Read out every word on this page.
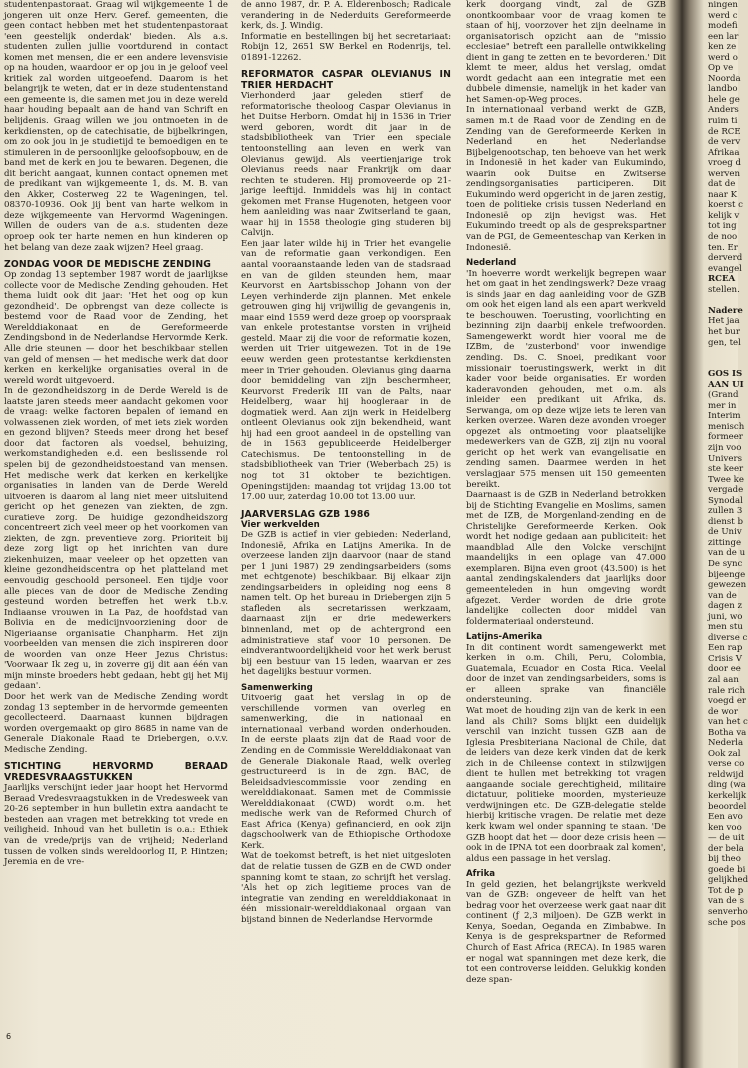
studentenpastoraat. Graag wil wijkgemeente 1 de jongeren uit onze Herv. Geref. gemeenten, die geen contact hebben met het studentenpastoraat 'een geestelijk onderdak' bieden. Als a.s. studenten zullen jullie voortdurend in contact komen met mensen, die er een andere levensvisie op na houden, waardoor er op jou in je geloof veel kritiek zal worden uitgeoefend. Daarom is het belangrijk te weten, dat er in deze studentenstand een gemeente is, die samen met jou in deze wereld haar houding bepaalt aan de hand van Schrift en belijdenis. Graag willen we jou ontmoeten in de kerkdiensten, op de catechisatie, de bijbelkringen, om zo ook jou in je studietijd te bemoedigen en te stimuleren in de persoonlijke geloofsopbouw, en de band met de kerk en jou te bewaren. Degenen, die dit bericht aangaat, kunnen contact opnemen met de predikant van wijkgemeente 1, ds. M. B. van den Akker, Costerweg 22 te Wageningen, tel. 08370-10936. Ook jij bent van harte welkom in deze wijkgemeente van Hervormd Wageningen. Willen de ouders van de a.s. studenten deze oproep ook ter harte nemen en hun kinderen op het belang van deze zaak wijzen? Heel graag.

ZONDAG VOOR DE MEDISCHE ZENDING

Op zondag 13 september 1987 wordt de jaarlijkse collecte voor de Medische Zending gehouden. Het thema luidt ook dit jaar: 'Het het oog op kun gezondheid'. De opbrengst van deze collecte is bestemd voor de Raad voor de Zending, het Werelddiakonaat en de Gereformeerde Zendingsbond in de Nederlandse Hervormde Kerk. Alle drie steunen — door het beschikbaar stellen van geld of mensen — het medische werk dat door kerken en kerkelijke organisaties overal in de wereld wordt uitgevoerd.

In de gezondheidszorg in de Derde Wereld is de laatste jaren steeds meer aandacht gekomen voor de vraag: welke factoren bepalen of iemand en volwassenen ziek worden, of met iets ziek worden en gezond blijven? Steeds meer drong het besef door dat factoren als voedsel, behuizing, werkomstandigheden e.d. een beslissende rol spelen bij de gezondheidstoestand van mensen. Het medische werk dat kerken en kerkelijke organisaties in landen van de Derde Wereld uitvoeren is daarom al lang niet meer uitsluitend gericht op het genezen van ziekten, de zgn. curatieve zorg. De huidige gezondheidszorg concentreert zich veel meer op het voorkomen van ziekten, de zgn. preventieve zorg. Prioriteit bij deze zorg ligt op het inrichten van dure ziekenhuizen, maar veeleer op het opzetten van kleine gezondheidscentra op het platteland met eenvoudig geschoold personeel. Een tijdje voor alle pieces van de door de Medische Zending gesteund worden betreffen het werk t.b.v. Indiaanse vrouwen in La Paz, de hoofdstad van Bolivia en de medicijnvoorziening door de Nigeriaanse organisatie Chanpharm. Het zijn voorbeelden van mensen die zich inspireren door de woorden van onze Heer Jezus Christus: 'Voorwaar Ik zeg u, in zoverre gij dit aan één van mijn minste broeders hebt gedaan, hebt gij het Mij gedaan'.

Door het werk van de Medische Zending wordt zondag 13 september in de hervormde gemeenten gecollecteerd. Daarnaast kunnen bijdragen worden overgemaakt op giro 8685 in name van de Generale Diakonale Raad te Driebergen, o.v.v. Medische Zending.

STICHTING HERVORMD BERAAD VREDESVRAAGSTUKKEN

Jaarlijks verschijnt ieder jaar hoopt het Hervormd Beraad Vredesvraagstukken in de Vredesweek van 20-26 september in hun bulletin extra aandacht te besteden aan vragen met betrekking tot vrede en veiligheid. Inhoud van het bulletin is o.a.: Ethiek van de vrede/prijs van de vrijheid; Nederland tussen de volken sinds wereldoorlog II, P. Hintzen; Jeremia en de vre-

de anno 1987, dr. P. A. Elderenbosch; Radicale verandering in de Nederduits Gereformeerde kerk, ds. J. Windig.

Informatie en bestellingen bij het secretariaat: Robijn 12, 2651 SW Berkel en Rodenrijs, tel. 01891-12262.

REFORMATOR CASPAR OLEVIANUS IN TRIER HERDACHT

Vierhonderd jaar geleden stierf de reformatorische theoloog Caspar Olevianus in het Duitse Herborn. Omdat hij in 1536 in Trier werd geboren, wordt dit jaar in de stadsbibliotheek van Trier een speciale tentoonstelling aan leven en werk van Olevianus gewijd. Als veertienjarige trok Olevianus reeds naar Frankrijk om daar rechten te studeren. Hij promoveerde op 21-jarige leeftijd. Inmiddels was hij in contact gekomen met Franse Hugenoten, hetgeen voor hem aanleiding was naar Zwitserland te gaan, waar hij in 1558 theologie ging studeren bij Calvijn.

Een jaar later wilde hij in Trier het evangelie van de reformatie gaan verkondigen. Een aantal vooraanstaande leden van de stadsraad en van de gilden steunden hem, maar Keurvorst en Aartsbisschop Johann von der Leyen verhinderde zijn plannen. Met enkele getrouwen ging hij vrijwillig de gevangenis in, maar eind 1559 werd deze groep op voorspraak van enkele protestantse vorsten in vrijheid gesteld. Maar zij die voor de reformatie kozen, werden uit Trier uitgewezen. Tot in de 19e eeuw werden geen protestantse kerkdiensten meer in Trier gehouden. Olevianus ging daarna door bemiddeling van zijn beschermheer, Keurvorst Frederik III van de Palts, naar Heidelberg, waar hij hoogleraar in de dogmatiek werd. Aan zijn werk in Heidelberg ontleent Olevianus ook zijn bekendheid, want hij had een groot aandeel in de opstelling van de in 1563 gepubliceerde Heidelberger Catechismus. De tentoonstelling in de stadsbibliotheek van Trier (Weberbach 25) is nog tot 31 oktober te bezichtigen. Openingstijden: maandag tot vrijdag 13.00 tot 17.00 uur, zaterdag 10.00 tot 13.00 uur.

JAARVERSLAG GZB 1986
Vier werkvelden

De GZB is actief in vier gebieden: Nederland, Indonesië, Afrika en Latijns Amerika. In de overzeese landen zijn daarvoor (naar de stand per 1 juni 1987) 29 zendingsarbeiders (soms met echtgenote) beschikbaar. Bij elkaar zijn zendingsarbeiders in opleiding nog eens 8 namen telt. Op het bureau in Driebergen zijn 5 stafleden als secretarissen werkzaam, daarnaast zijn er drie medewerkers binnenland, met op de achtergrond een administratieve staf voor 10 personen. De eindverantwoordelijkheid voor het werk berust bij een bestuur van 15 leden, waarvan er zes het dagelijks bestuur vormen.

Samenwerking

Uitvoerig gaat het verslag in op de verschillende vormen van overleg en samenwerking, die in nationaal en internationaal verband worden onderhouden. In de eerste plaats zijn dat de Raad voor de Zending en de Commissie Werelddiakonaat van de Generale Diakonale Raad, welk overleg gestructureerd is in de zgn. BAC, de Beleidsadviescommissie voor zending en werelddiakonaat. Samen met de Commissie Werelddiakonaat (CWD) wordt o.m. het medische werk van de Reformed Church of East Africa (Kenya) gefinancierd, en ook zijn dagschoolwerk van de Ethiopische Orthodoxe Kerk.

Wat de toekomst betreft, is het niet uitgesloten dat de relatie tussen de GZB en de CWD onder spanning komt te staan, zo schrijft het verslag. 'Als het op zich legitieme proces van de integratie van zending en werelddiakonaat in één missionair-werelddiakonaal orgaan van bijstand binnen de Nederlandse Hervormde

kerk doorgang vindt, zal de GZB onontkoombaar voor de vraag komen te staan of hij, voorzover het zijn deelname in organisatorisch opzicht aan de "missio ecclesiae" betreft een parallelle ontwikkeling dient in gang te zetten en te bevorderen.' Dit klemt te meer, aldus het verslag, omdat wordt gedacht aan een integratie met een dubbele dimensie, namelijk in het kader van het Samen-op-Weg proces.

In internationaal verband werkt de GZB, samen m.t de Raad voor de Zending en de Zending van de Gereformeerde Kerken in Nederland en het Nederlandse Bijbelgenootschap, ten behoeve van het werk in Indonesië in het kader van Eukumindo, waarin ook Duitse en Zwitserse zendingsorganisaties participeren. Dit Eukumindo werd opgericht in de jaren zestig, toen de politieke crisis tussen Nederland en Indonesië op zijn hevigst was. Het Eukumindo treedt op als de gesprekspartner van de PGI, de Gemeenteschap van Kerken in Indonesië.

Nederland

'In hoeverre wordt werkelijk begrepen waar het om gaat in het zendingswerk? Deze vraag is sinds jaar en dag aanleiding voor de GZB om ook het eigen land als een apart werkveld te beschouwen. Toerusting, voorlichting en bezinning zijn daarbij enkele trefwoorden. Samengewerkt wordt hier vooral me de IZBm, de 'zusterbond' voor inwendige zending. Ds. C. Snoei, predikant voor missionair toerustingswerk, werkt in dit kader voor beide organisaties. Er worden kaderavonden gehouden, met o.m. als inleider een predikant uit Afrika, ds. Serwanga, om op deze wijze iets te leren van kerken overzee. Waren deze avonden vroeger opgezet als ontmoeting voor plaatselijke medewerkers van de GZB, zij zijn nu vooral gericht op het werk van evangelisatie en zending samen. Daarmee werden in het verslagjaar 575 mensen uit 150 gemeenten bereikt.

Daarnaast is de GZB in Nederland betrokken bij de Stichting Evangelie en Moslims, samen met de IZB, de Morgenland-zending en de Christelijke Gereformeerde Kerken. Ook wordt het nodige gedaan aan publiciteit: het maandblad Alle den Volcke verschijnt maandelijks in een oplage van 47.000 exemplaren. Bijna even groot (43.500) is het aantal zendingskalenders dat jaarlijks door gemeenteleden in hun omgeving wordt afgezet. Verder worden de drie grote landelijke collecten door middel van foldermateriaal ondersteund.

Latijns-Amerika

In dit continent wordt samengewerkt met kerken in o.m. Chili, Peru, Colombia, Guatemala, Ecuador en Costa Rica. Veelal door de inzet van zendingsarbeiders, soms is er alleen sprake van financiële ondersteuning.

Wat moet de houding zijn van de kerk in een land als Chili? Soms blijkt een duidelijk verschil van inzicht tussen GZB aan de Iglesia Presbiteriana Nacional de Chile, dat de leiders van deze kerk vinden dat de kerk zich in de Chileense context in stilzwijgen dient te hullen met betrekking tot vragen aangaande sociale gerechtigheid, militaire dictatuur, politieke moorden, mysterieuze verdwijningen etc. De GZB-delegatie stelde hierbij kritische vragen. De relatie met deze kerk kwam wel onder spanning te staan. 'De GZB hoopt dat het — door deze crisis heen — ook in de IPNA tot een doorbraak zal komen', aldus een passage in het verslag.

Afrika

In geld gezien, het belangrijkste werkveld van de GZB: ongeveer de helft van het bedrag voor het overzeese werk gaat naar dit continent (ƒ 2,3 miljoen). De GZB werkt in Kenya, Soedan, Oeganda en Zimbabwe. In Kenya is de gesprekspartner de Reformed Church of East Africa (RECA). In 1985 waren er nogal wat spanningen met deze kerk, die tot een controverse leidden. Gelukkig konden deze span-

6
ningen
werd c
modefi
een lar
ken ze
werd o
Op ve
Noorda
landbo
hele ge
Anders
ruim ti
de RCE
de verv
Afrikaa
vroeg d
werven
dat de
naar K
koerst c
kelijk v
tot ing
de noo
ten. Er
derverd
evangel
RCEA
stellen.

Nadere
Het jaa
het bur
gen, tel

GOS IS
AAN UI
(Grand
mer in
Interim
menisch
formeer
zijn voo
Univers
ste keer
Twee ke
vergade
Synodal
zullen 3
dienst b
de Univ
zittinge
van de u
De sync
bijeenge
gewezen
van de
dagen z
juni, wo
men stu
diverse c
Een rap
Crisis V
door ee
zal aan
rale rich
voegd er
de wor
van het c
Botha va
Nederla
Ook zal
verse co
reldwijd
ding (wa
kerkelijk
beoordel
Een avo
ken voo
— de uit
der bela
bij theo
goede bi
gelijkhed
Tot de p
van de s
senverho
sche pos
